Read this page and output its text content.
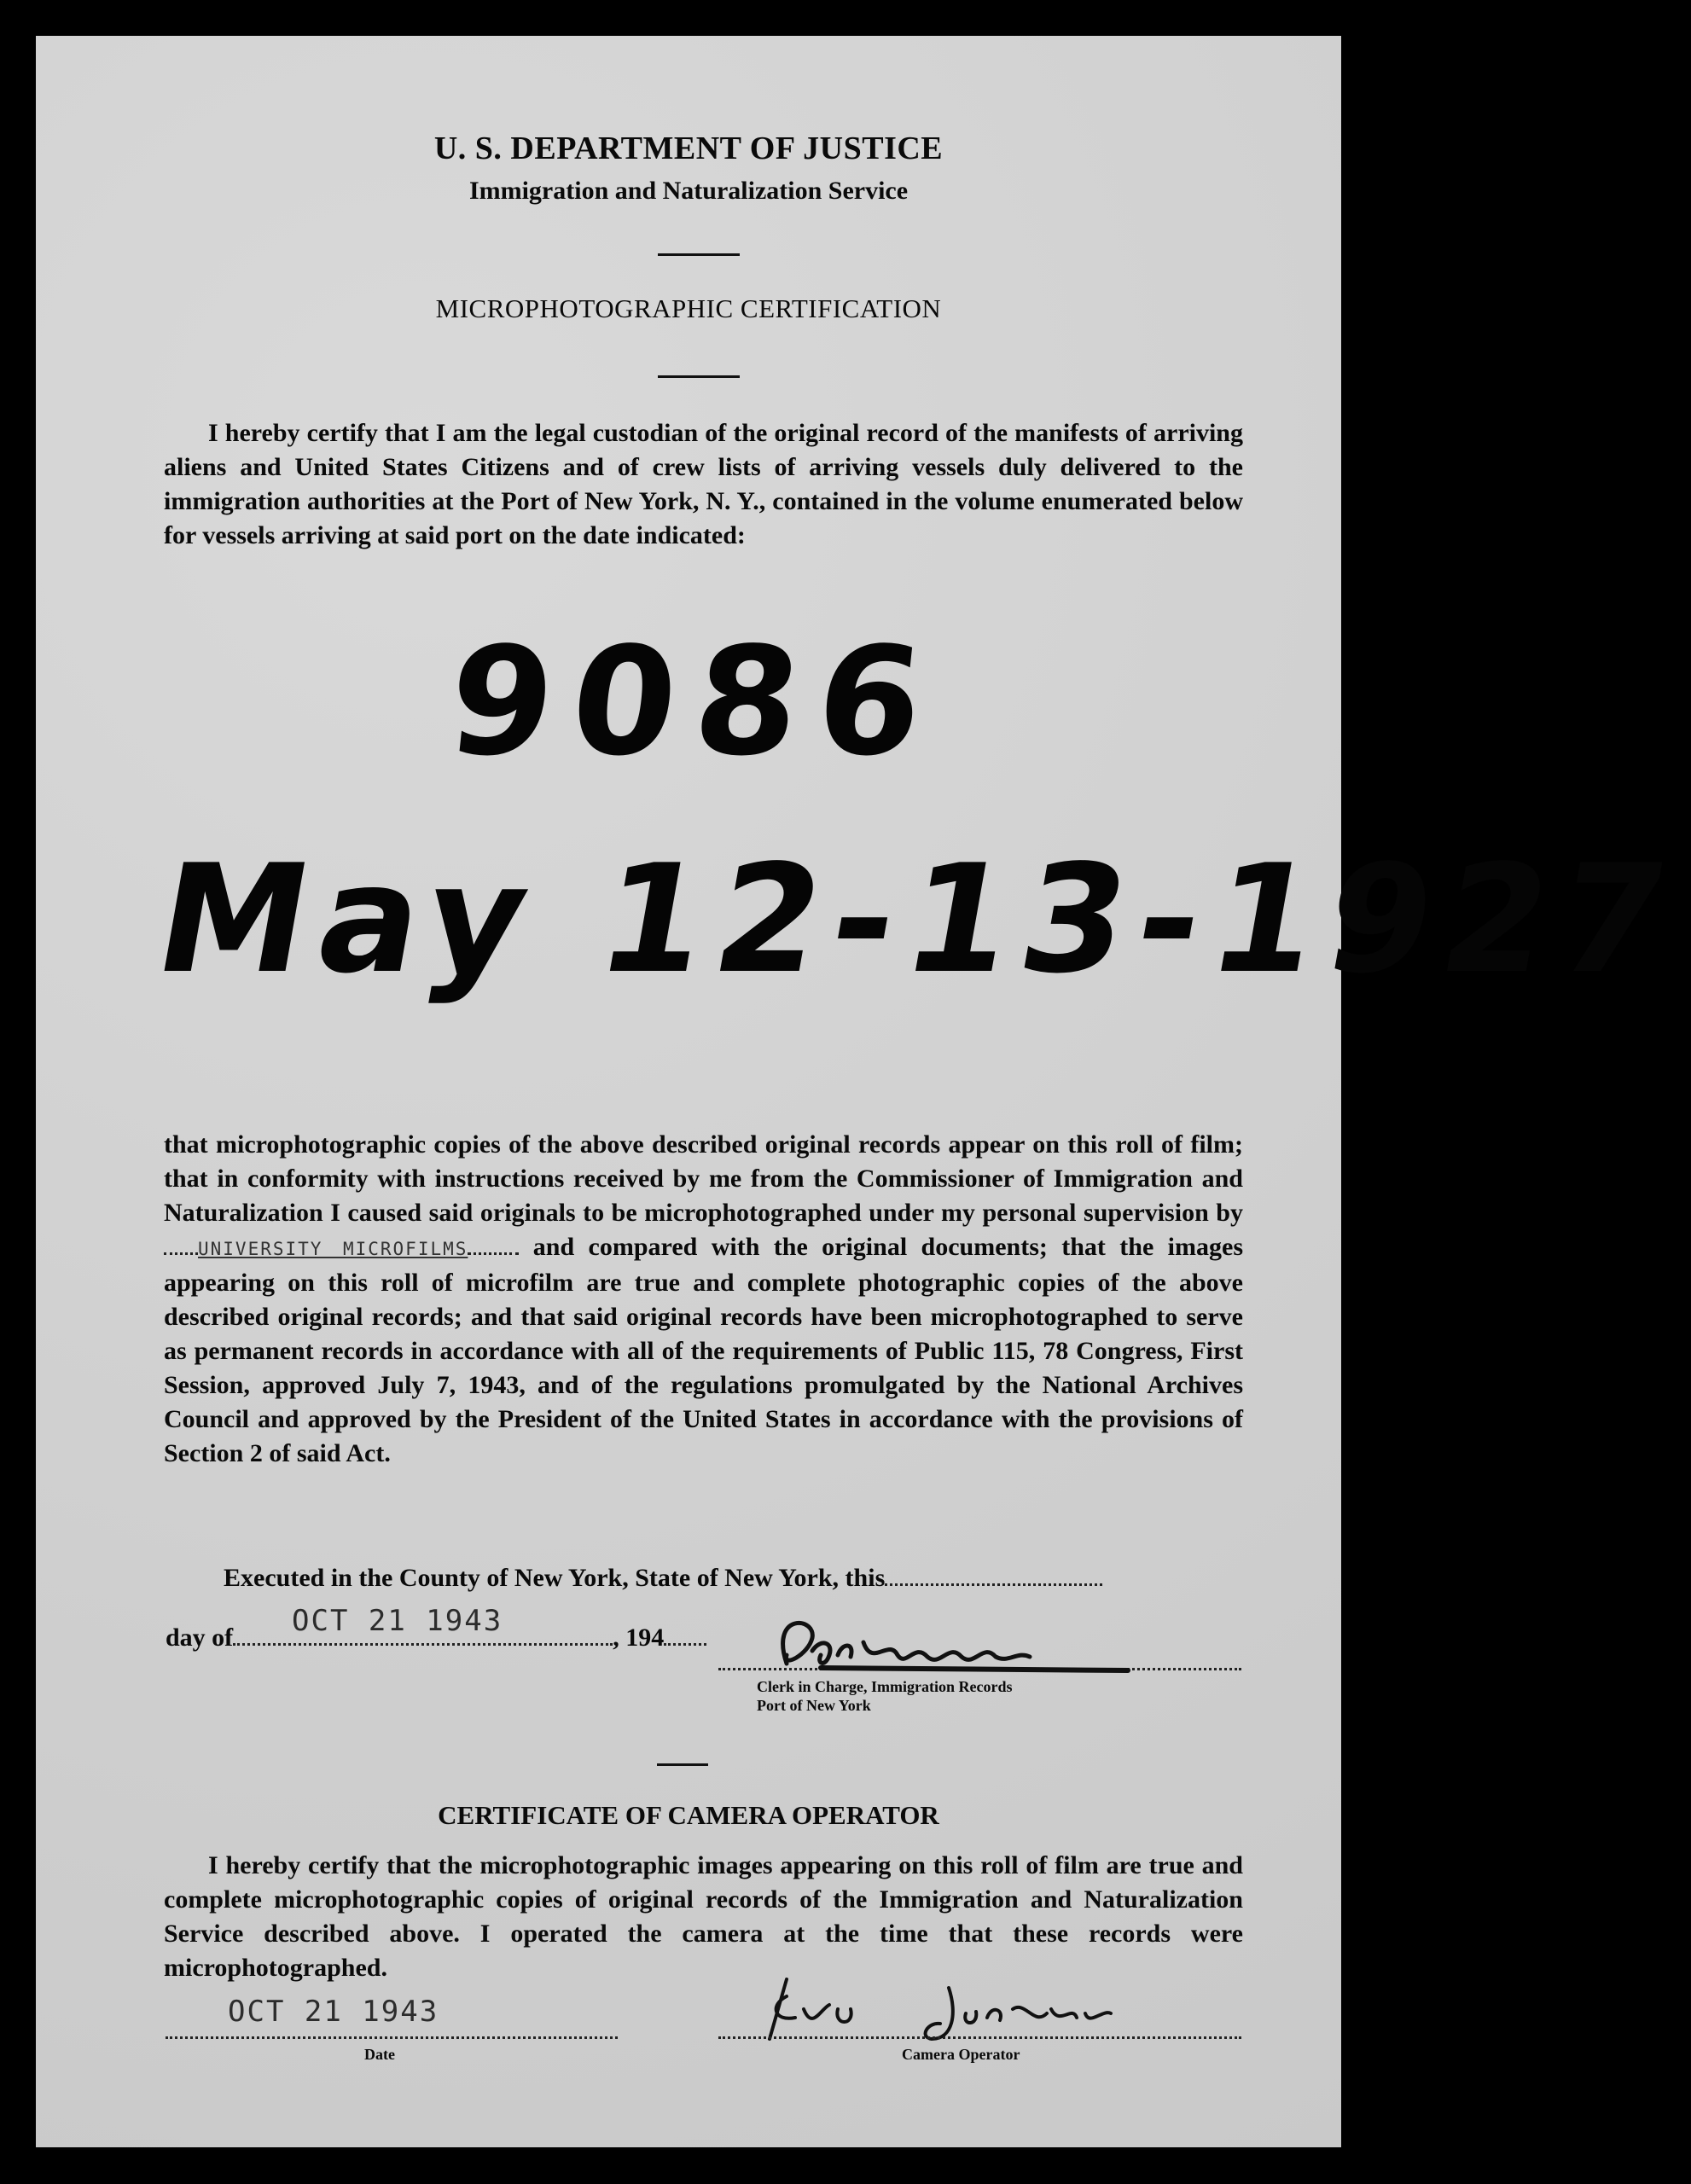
U. S. DEPARTMENT OF JUSTICE
Immigration and Naturalization Service
MICROPHOTOGRAPHIC CERTIFICATION

I hereby certify that I am the legal custodian of the original record of the manifests of arriving aliens and United States Citizens and of crew lists of arriving vessels duly delivered to the immigration authorities at the Port of New York, N. Y., contained in the volume enumerated below for vessels arriving at said port on the date indicated:

9086
May 12-13-1927
that microphotographic copies of the above described original records appear on this roll of film; that in conformity with instructions received by me from the Commissioner of Immigration and Naturalization I caused said originals to be microphotographed under my personal supervision byUNIVERSITY MICROFILMS	and compared with the original documents; that the images appearing on this roll of microfilm are true and complete photographic copies of the above described original records; and that said original records have been microphotographed to serve as permanent records in accordance with all of the requirements of Public 115, 78 Congress, First Session, approved July 7, 1943, and of the regulations promulgated by the National Archives Council and approved by the President of the United States in accordance with the provisions of Section 2 of said Act.
Executed in the County of New York, State of New York, this
day of	, 194
OCT 21 1943	Geo. Ferraris
Clerk in Charge, Immigration Records
Port of New York
CERTIFICATE OF CAMERA OPERATOR

I hereby certify that the microphotographic images appearing on this roll of film are true and complete microphotographic copies of original records of the Immigration and Naturalization Service described above. I operated the camera at the time that these records were microphotographed.

OCT 21 1943
Date
Eva Jackson
Camera Operator
